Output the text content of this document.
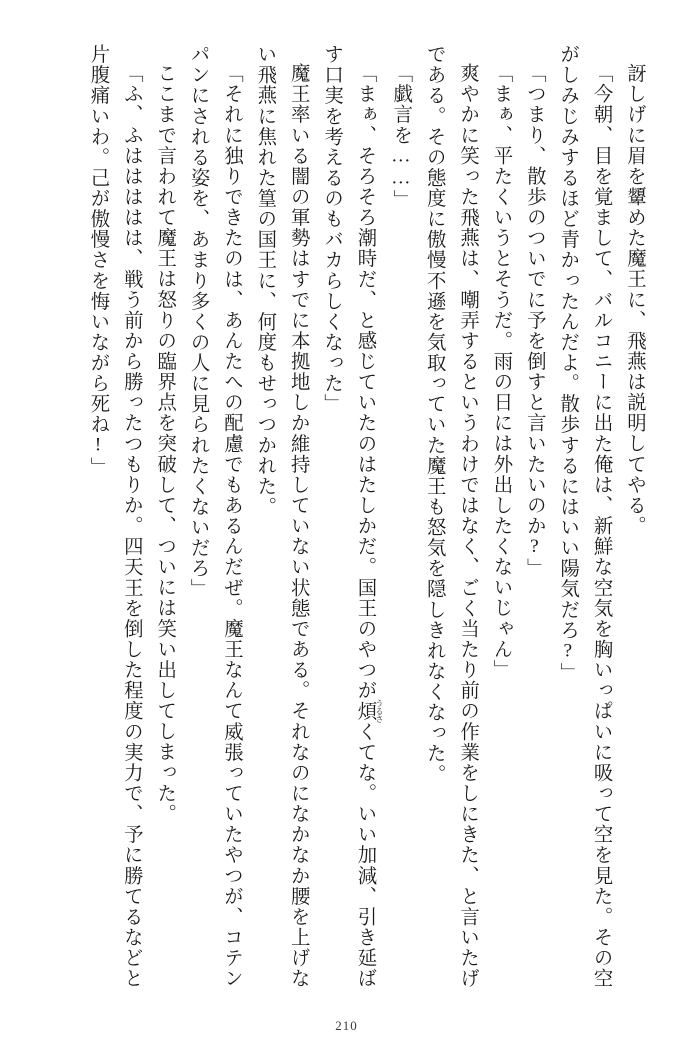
訝しげに眉を顰めた魔王に、飛燕は説明してやる。

「今朝、目を覚まして、バルコニーに出た俺は、新鮮な空気を胸いっぱいに吸って空を見た。その空がしみじみするほど青かったんだよ。散歩するにはいい陽気だろ?」

「つまり、散歩のついでに予を倒すと言いたいのか?」

「まぁ、平たくいうとそうだ。雨の日には外出したくないじゃん」

爽やかに笑った飛燕は、嘲弄するというわけではなく、ごく当たり前の作業をしにきた、と言いたげである。その態度に傲慢不遜を気取っていた魔王も怒気を隠しきれなくなった。

「戯言を……」

「まぁ、そろそろ潮時だ、と感じていたのはたしかだ。国王のやつが煩 うるさくてな。いい加減、引き延ばす口実を考えるのもバカらしくなった」

魔王率いる闇の軍勢はすでに本拠地しか維持していない状態である。それなのになかなか腰を上げない飛燕に焦れた篁の国王に、何度もせっつかれた。

「それに独りできたのは、あんたへの配慮でもあるんだぜ。魔王なんて威張っていたやつが、コテンパンにされる姿を、あまり多くの人に見られたくないだろ」

ここまで言われて魔王は怒りの臨界点を突破して、ついには笑い出してしまった。

「ふ、ふははははは、戦う前から勝ったつもりか。四天王を倒した程度の実力で、予に勝てるなどと片腹痛いわ。己が傲慢さを悔いながら死ね!」

210
